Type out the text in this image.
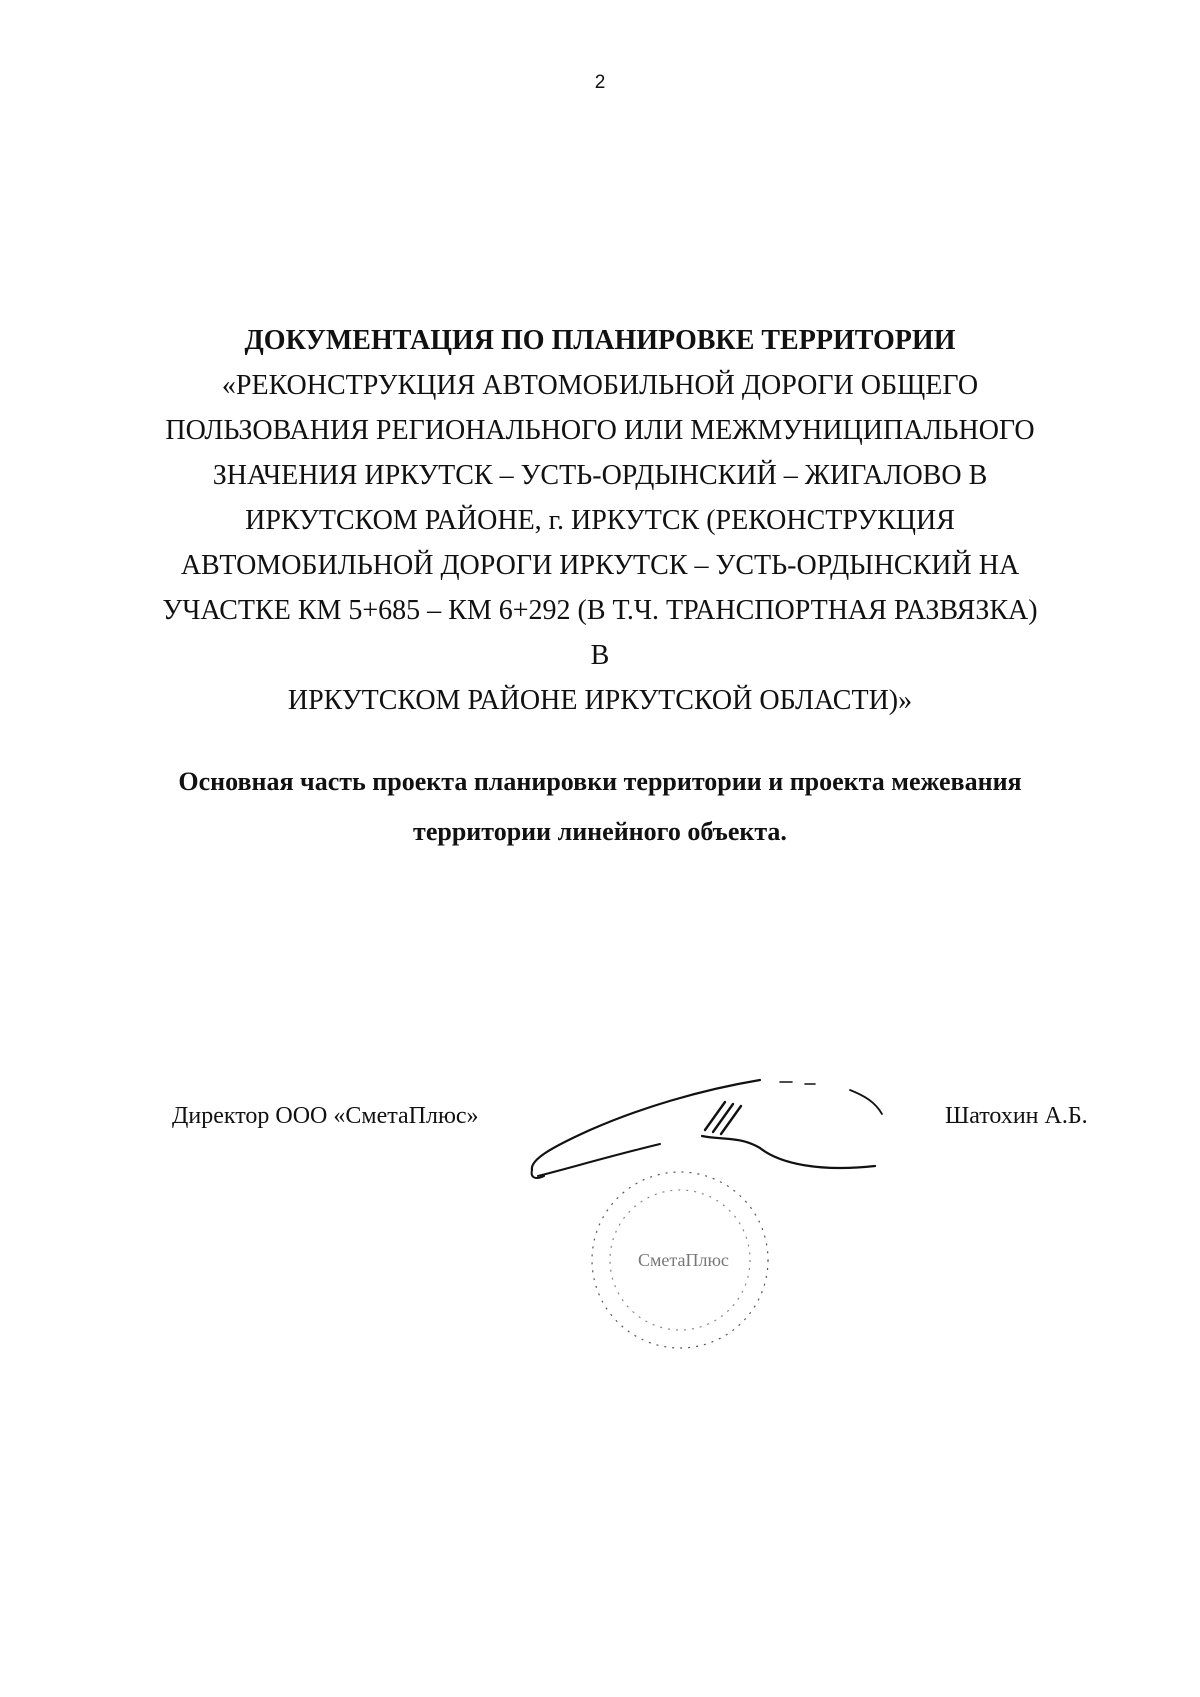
2
ДОКУМЕНТАЦИЯ ПО ПЛАНИРОВКЕ ТЕРРИТОРИИ
«РЕКОНСТРУКЦИЯ АВТОМОБИЛЬНОЙ ДОРОГИ ОБЩЕГО
ПОЛЬЗОВАНИЯ РЕГИОНАЛЬНОГО ИЛИ МЕЖМУНИЦИПАЛЬНОГО
ЗНАЧЕНИЯ ИРКУТСК – УСТЬ-ОРДЫНСКИЙ – ЖИГАЛОВО В
ИРКУТСКОМ РАЙОНЕ, г. ИРКУТСК (РЕКОНСТРУКЦИЯ
АВТОМОБИЛЬНОЙ ДОРОГИ ИРКУТСК – УСТЬ-ОРДЫНСКИЙ НА
УЧАСТКЕ КМ 5+685 – КМ 6+292 (В Т.Ч. ТРАНСПОРТНАЯ РАЗВЯЗКА) В
ИРКУТСКОМ РАЙОНЕ ИРКУТСКОЙ ОБЛАСТИ)»
Основная часть проекта планировки территории и проекта межевания
территории линейного объекта.
Директор ООО «СметаПлюс»	Шатохин А.Б.
СметаПлюс
